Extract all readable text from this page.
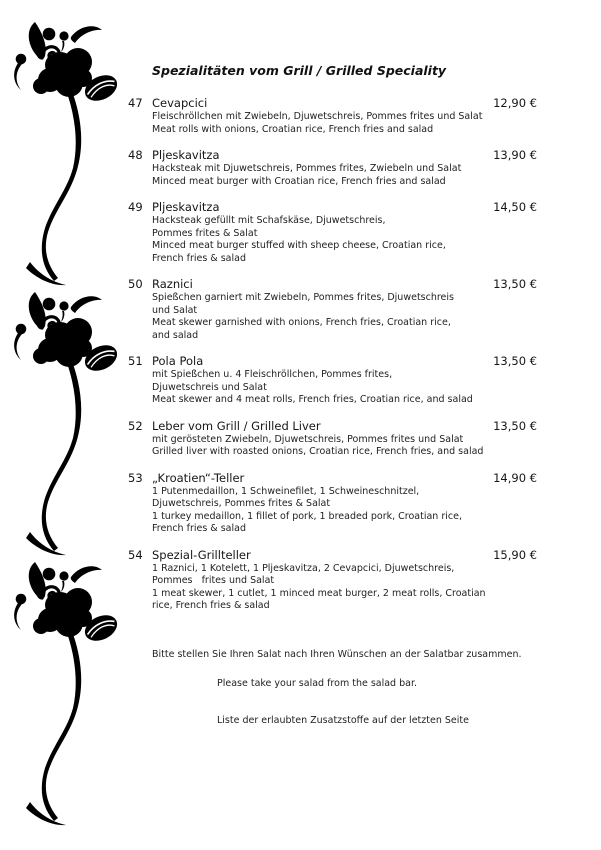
Spezialitäten vom Grill / Grilled Speciality
47 Cevapcici	12,90 €
Fleischröllchen mit Zwiebeln, Djuwetschreis, Pommes frites und Salat
Meat rolls with onions, Croatian rice, French fries and salad
48 Pljeskavitza	13,90 €
Hacksteak mit Djuwetschreis, Pommes frites, Zwiebeln und Salat
Minced meat burger with Croatian rice, French fries and salad
49 Pljeskavitza	14,50 €
Hacksteak gefüllt mit Schafskäse, Djuwetschreis,
Pommes frites & Salat
Minced meat burger stuffed with sheep cheese, Croatian rice,
French fries & salad
50 Raznici	13,50 €
Spießchen garniert mit Zwiebeln, Pommes frites, Djuwetschreis
und Salat
Meat skewer garnished with onions, French fries, Croatian rice,
and salad
51 Pola Pola	13,50 €
mit Spießchen u. 4 Fleischröllchen, Pommes frites,
Djuwetschreis und Salat
Meat skewer and 4 meat rolls, French fries, Croatian rice, and salad
52 Leber vom Grill / Grilled Liver	13,50 €
mit gerösteten Zwiebeln, Djuwetschreis, Pommes frites und Salat
Grilled liver with roasted onions, Croatian rice, French fries, and salad
53 „Kroatien“-Teller	14,90 €
1 Putenmedaillon, 1 Schweinefilet, 1 Schweineschnitzel,
Djuwetschreis, Pommes frites & Salat
1 turkey medaillon, 1 fillet of pork, 1 breaded pork, Croatian rice,
French fries & salad
54 Spezial-Grillteller	15,90 €
1 Raznici, 1 Kotelett, 1 Pljeskavitza, 2 Cevapcici, Djuwetschreis,
Pommes   frites und Salat
1 meat skewer, 1 cutlet, 1 minced meat burger, 2 meat rolls, Croatian
rice, French fries & salad
Bitte stellen Sie Ihren Salat nach Ihren Wünschen an der Salatbar zusammen.
Please take your salad from the salad bar.
Liste der erlaubten Zusatzstoffe auf der letzten Seite
